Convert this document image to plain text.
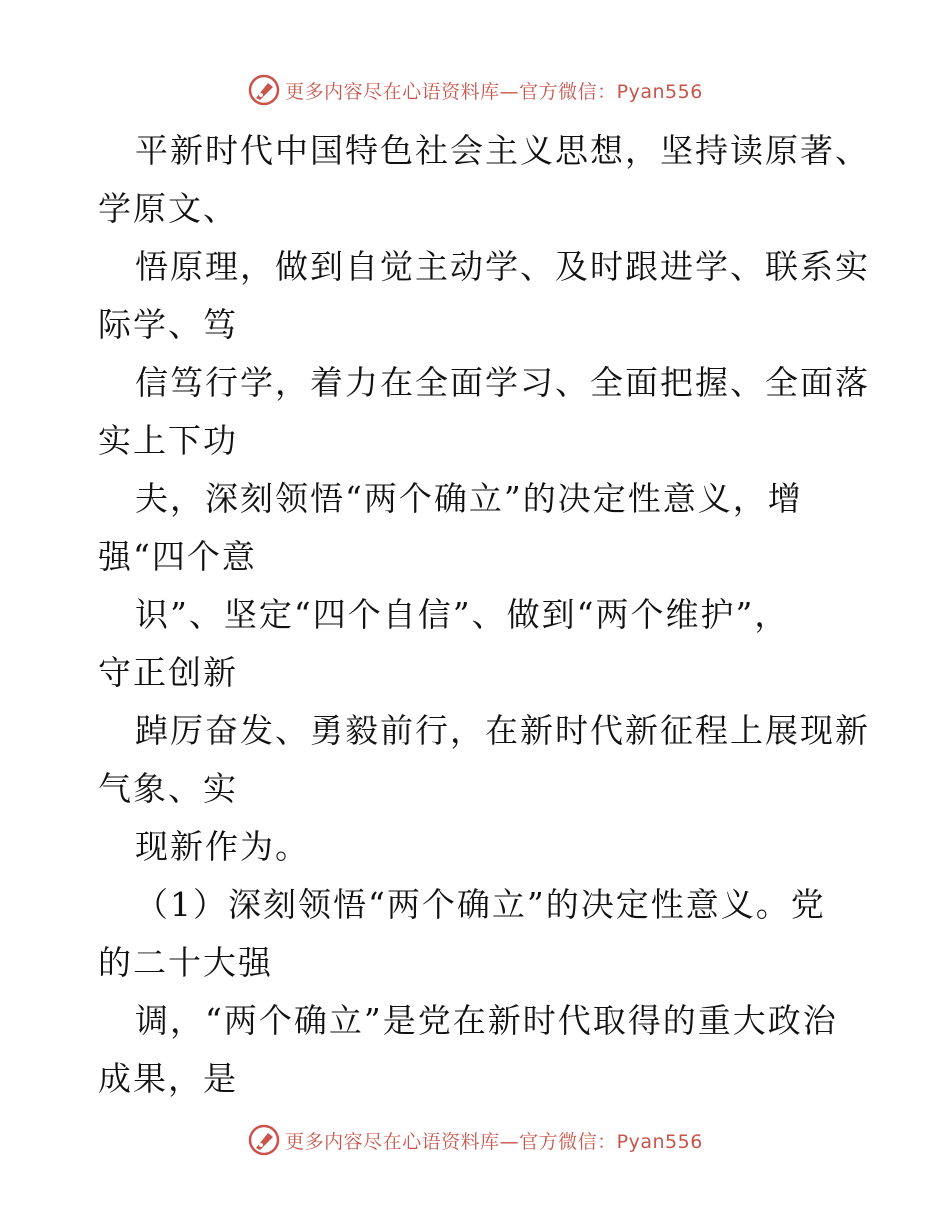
更多内容尽在心语资料库—官方微信：Pyan556
平新时代中国特色社会主义思想，坚持读原著、
学原文、
悟原理，做到自觉主动学、及时跟进学、联系实
际学、笃
信笃行学，着力在全面学习、全面把握、全面落
实上下功
夫，深刻领悟“两个确立”的决定性意义，增
强“四个意
识”、坚定“四个自信”、做到“两个维护”，
守正创新
踔厉奋发、勇毅前行，在新时代新征程上展现新
气象、实
现新作为。
（1）深刻领悟“两个确立”的决定性意义。党
的二十大强
调，“两个确立”是党在新时代取得的重大政治
成果，是
更多内容尽在心语资料库—官方微信：Pyan556
